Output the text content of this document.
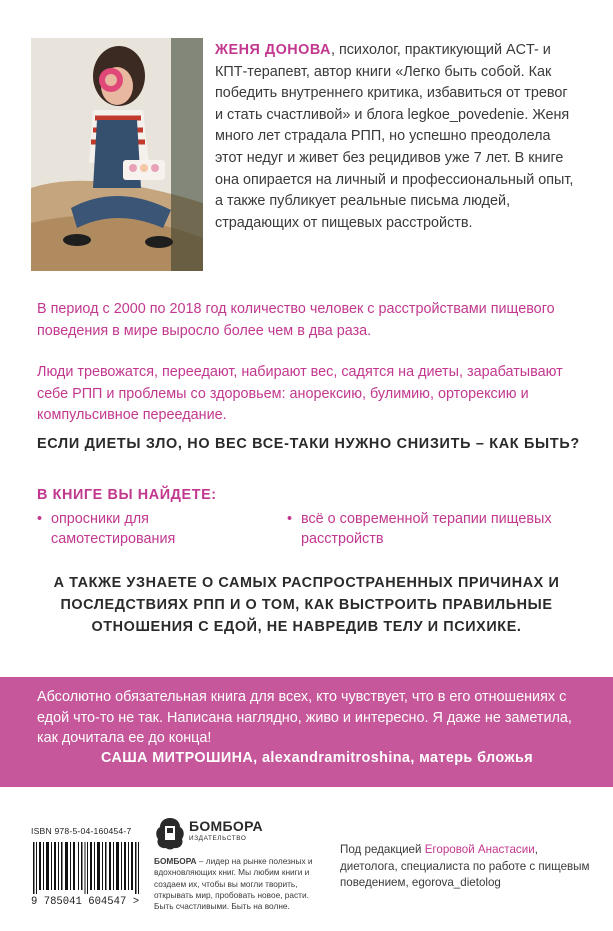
ЖЕНЯ ДОНОВА, психолог, практикующий ACT- и КПТ-терапевт, автор книги «Легко быть собой. Как победить внутреннего критика, избавиться от тревог и стать счастливой» и блога legkoe_povedenie. Женя много лет страдала РПП, но успешно преодолела этот недуг и живет без рецидивов уже 7 лет. В книге она опирается на личный и профессиональный опыт, а также публикует реальные письма людей, страдающих от пищевых расстройств.
В период с 2000 по 2018 год количество человек с расстройствами пищевого поведения в мире выросло более чем в два раза.
Люди тревожатся, переедают, набирают вес, садятся на диеты, зарабатывают себе РПП и проблемы со здоровьем: анорексию, булимию, орторексию и компульсивное переедание.
ЕСЛИ ДИЕТЫ ЗЛО, НО ВЕС ВСЕ-ТАКИ НУЖНО СНИЗИТЬ – КАК БЫТЬ?
В КНИГЕ ВЫ НАЙДЕТЕ:
• опросники для самотестирования
• всё о современной терапии пищевых расстройств
А ТАКЖЕ УЗНАЕТЕ О САМЫХ РАСПРОСТРАНЕННЫХ ПРИЧИНАХ И ПОСЛЕДСТВИЯХ РПП И О ТОМ, КАК ВЫСТРОИТЬ ПРАВИЛЬНЫЕ ОТНОШЕНИЯ С ЕДОЙ, НЕ НАВРЕДИВ ТЕЛУ И ПСИХИКЕ.
Абсолютно обязательная книга для всех, кто чувствует, что в его отношениях с едой что-то не так. Написана наглядно, живо и интересно. Я даже не заметила, как дочитала ее до конца!
САША МИТРОШИНА, alexandramitroshina, матерь бложья
ISBN 978-5-04-160454-7
9 785041 604547 >
БОМБОРА
ИЗДАТЕЛЬСТВО
БОМБОРА – лидер на рынке полезных и вдохновляющих книг. Мы любим книги и создаем их, чтобы вы могли творить, открывать мир, пробовать новое, расти. Быть счастливыми. Быть на волне.
Под редакцией Егоровой Анастасии, диетолога, специалиста по работе с пищевым поведением, egorova_dietolog
